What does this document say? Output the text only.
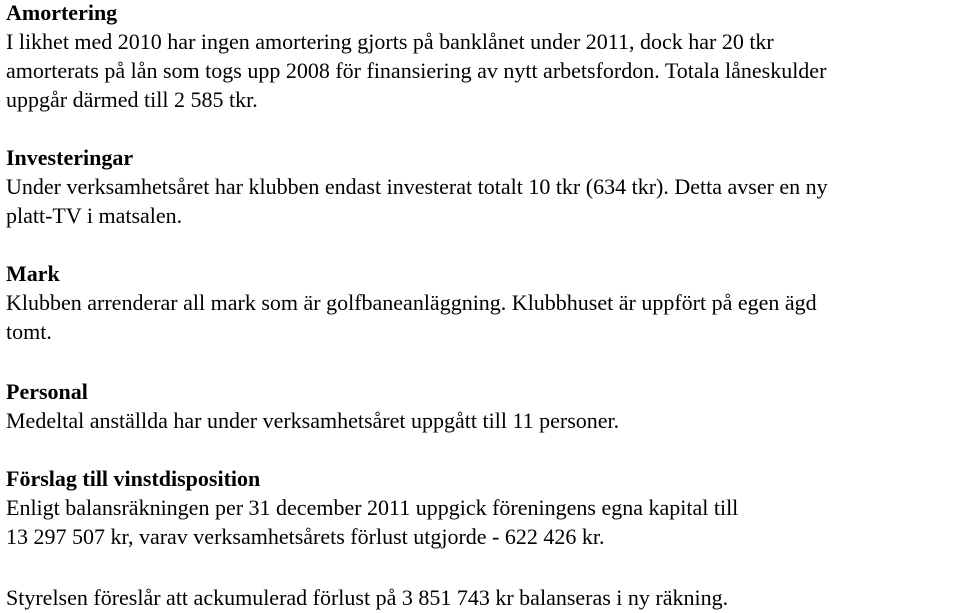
Amortering

I likhet med 2010 har ingen amortering gjorts på banklånet under 2011, dock har 20 tkr

amorterats på lån som togs upp 2008 för finansiering av nytt arbetsfordon. Totala låneskulder

uppgår därmed till 2 585 tkr.

Investeringar

Under verksamhetsåret har klubben endast investerat totalt 10 tkr (634 tkr). Detta avser en ny

platt-TV i matsalen.

Mark

Klubben arrenderar all mark som är golfbaneanläggning. Klubbhuset är uppfört på egen ägd

tomt.

Personal

Medeltal anställda har under verksamhetsåret uppgått till 11 personer.

Förslag till vinstdisposition

Enligt balansräkningen per 31 december 2011 uppgick föreningens egna kapital till

13 297 507 kr, varav verksamhetsårets förlust utgjorde - 622 426 kr.

Styrelsen föreslår att ackumulerad förlust på 3 851 743 kr balanseras i ny räkning.
